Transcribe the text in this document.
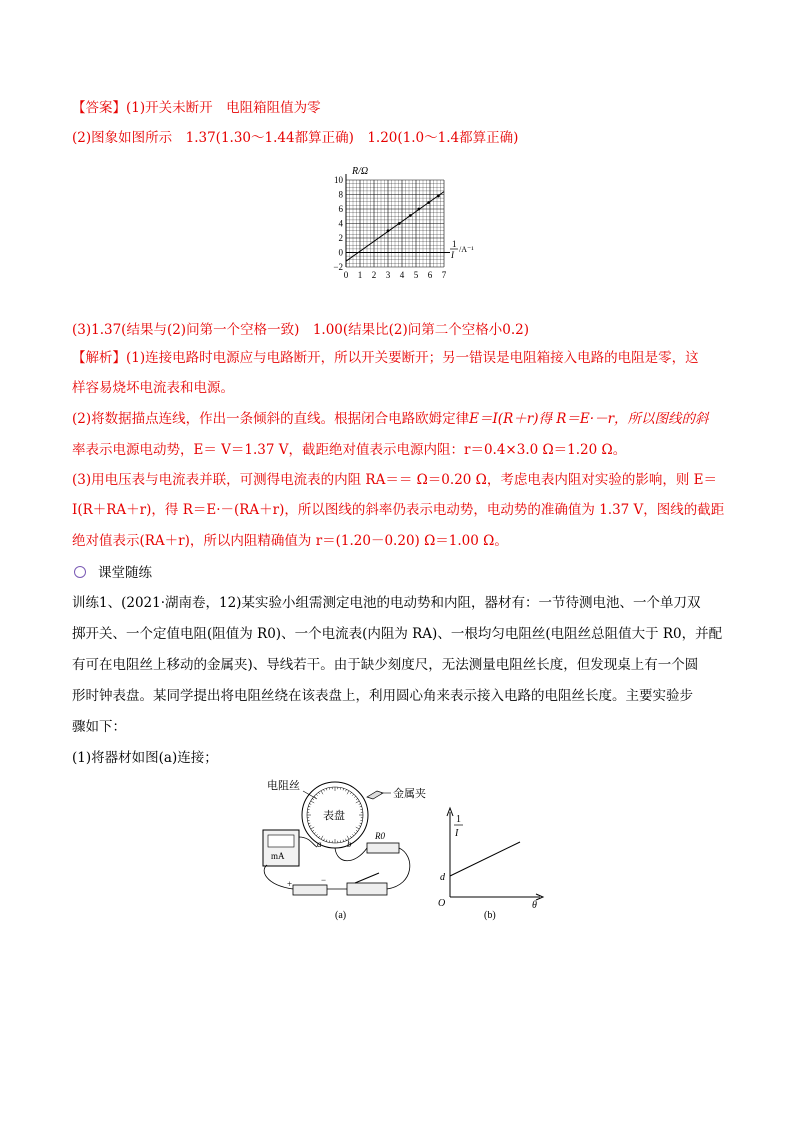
【答案】(1)开关未断开　电阻箱阻值为零
(2)图象如图所示　1.37(1.30～1.44都算正确)　1.20(1.0～1.4都算正确)
10
8
6
4
2
0
−2
0 1 2 3 4 5 6 7
R/Ω
1
I
/A⁻¹
(3)1.37(结果与(2)问第一个空格一致)　1.00(结果比(2)问第二个空格小0.2)
【解析】(1)连接电路时电源应与电路断开，所以开关要断开；另一错误是电阻箱接入电路的电阻是零，这
样容易烧坏电流表和电源。
(2)将数据描点连线，作出一条倾斜的直线。根据闭合电路欧姆定律E＝I(R＋r)得 R＝E·－r，所以图线的斜
率表示电源电动势，E＝ V＝1.37 V，截距绝对值表示电源内阻：r＝0.4×3.0 Ω＝1.20 Ω。
(3)用电压表与电流表并联，可测得电流表的内阻 RA＝＝ Ω＝0.20 Ω，考虑电表内阻对实验的影响，则 E＝
I(R＋RA＋r)，得 R＝E·－(RA＋r)，所以图线的斜率仍表示电动势，电动势的准确值为 1.37 V，图线的截距
绝对值表示(RA＋r)，所以内阻精确值为 r＝(1.20－0.20) Ω＝1.00 Ω。
课堂随练
训练1、(2021·湖南卷，12)某实验小组需测定电池的电动势和内阻，器材有：一节待测电池、一个单刀双
掷开关、一个定值电阻(阻值为 R0)、一个电流表(内阻为 RA)、一根均匀电阻丝(电阻丝总阻值大于 R0，并配
有可在电阻丝上移动的金属夹)、导线若干。由于缺少刻度尺，无法测量电阻丝长度，但发现桌上有一个圆
形时钟表盘。某同学提出将电阻丝绕在该表盘上，利用圆心角来表示接入电路的电阻丝长度。主要实验步
骤如下：
(1)将器材如图(a)连接；
表盘
电阻丝
金属夹
mA
a	b
R0
+	−
(a)
1
I
d
O	θ
(b)
